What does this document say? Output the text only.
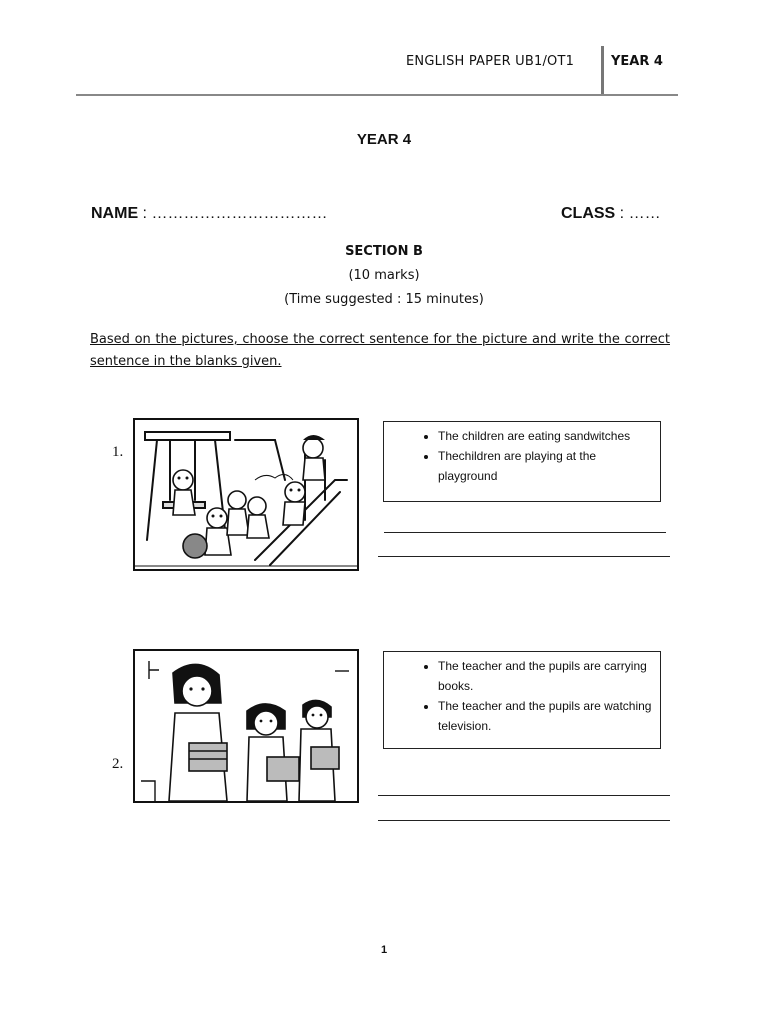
ENGLISH PAPER UB1/OT1	YEAR 4
YEAR 4
NAME : ……………………………	CLASS : ……
SECTION B
(10 marks)
(Time suggested : 15 minutes)
Based on the pictures, choose the correct sentence for the picture and write the correct sentence in the blanks given.
1.
• The children are eating sandwitches
• Thechildren are playing at the playground
2.
• The teacher and the pupils are carrying books.
• The teacher and the pupils are watching television.
1
